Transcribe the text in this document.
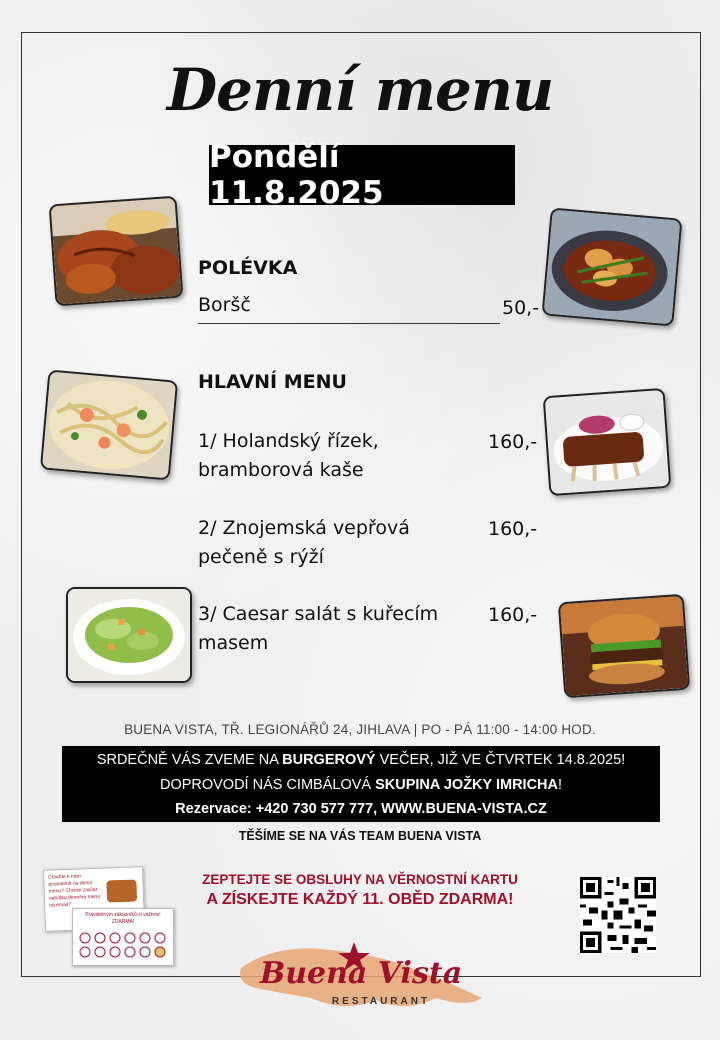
Denní menu
Pondělí 11.8.2025
POLÉVKA
Boršč	50,-
HLAVNÍ MENU
1/ Holandský řízek,
bramborová kaše
160,-
2/ Znojemská vepřová
pečeně s rýží
160,-
3/ Caesar salát s kuřecím
masem
160,-
BUENA VISTA, TŘ. LEGIONÁŘŮ 24, JIHLAVA | PO - PÁ 11:00 - 14:00 HOD.
SRDEČNĚ VÁS ZVEME NA BURGEROVÝ VEČER, JIŽ VE ČTVRTEK 14.8.2025!
DOPROVODÍ NÁS CIMBÁLOVÁ SKUPINA JOŽKY IMRICHA!
Rezervace: +420 730 577 777, WWW.BUENA-VISTA.CZ
TĚŠÍME SE NA VÁS TEAM BUENA VISTA
Chodíte k nám pravidelně na denní menu? Chcete zasílat nabídku denního menu na email?
Pravidelným zákazníků si vážíme! ZDARMA!
ZEPTEJTE SE OBSLUHY NA VĚRNOSTNÍ KARTU
A ZÍSKEJTE KAŽDÝ 11. OBĚD ZDARMA!
Buena Vista
RESTAURANT
